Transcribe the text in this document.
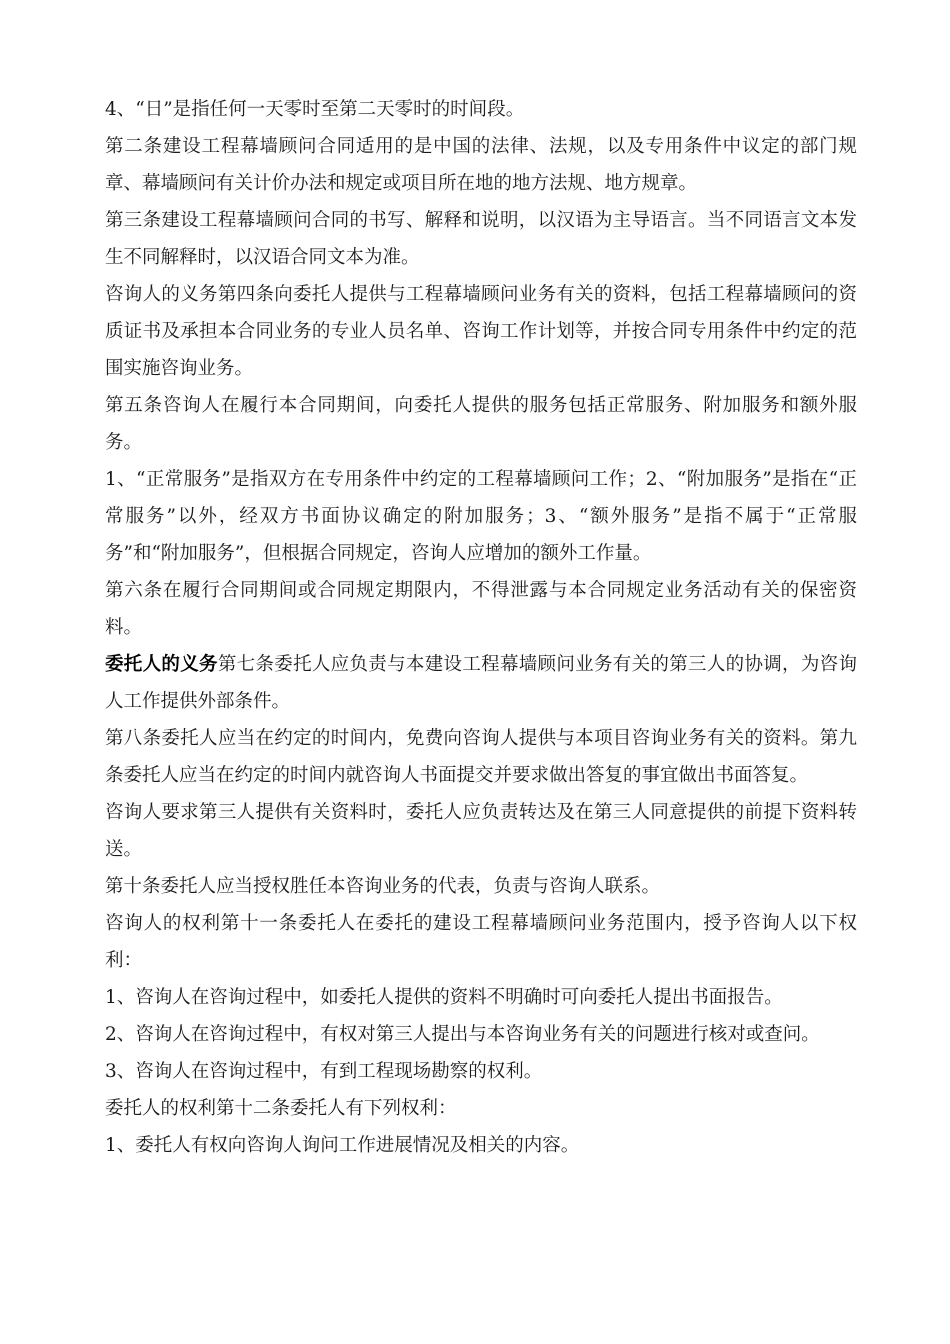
4、“日”是指任何一天零时至第二天零时的时间段。

第二条建设工程幕墙顾问合同适用的是中国的法律、法规，以及专用条件中议定的部门规章、幕墙顾问有关计价办法和规定或项目所在地的地方法规、地方规章。

第三条建设工程幕墙顾问合同的书写、解释和说明，以汉语为主导语言。当不同语言文本发生不同解释时，以汉语合同文本为准。

咨询人的义务第四条向委托人提供与工程幕墙顾问业务有关的资料，包括工程幕墙顾问的资质证书及承担本合同业务的专业人员名单、咨询工作计划等，并按合同专用条件中约定的范围实施咨询业务。

第五条咨询人在履行本合同期间，向委托人提供的服务包括正常服务、附加服务和额外服务。

1、“正常服务”是指双方在专用条件中约定的工程幕墙顾问工作；2、“附加服务”是指在“正常服务”以外，经双方书面协议确定的附加服务；3、“额外服务”是指不属于“正常服务”和“附加服务”，但根据合同规定，咨询人应增加的额外工作量。

第六条在履行合同期间或合同规定期限内，不得泄露与本合同规定业务活动有关的保密资料。

委托人的义务第七条委托人应负责与本建设工程幕墙顾问业务有关的第三人的协调，为咨询人工作提供外部条件。

第八条委托人应当在约定的时间内，免费向咨询人提供与本项目咨询业务有关的资料。第九条委托人应当在约定的时间内就咨询人书面提交并要求做出答复的事宜做出书面答复。

咨询人要求第三人提供有关资料时，委托人应负责转达及在第三人同意提供的前提下资料转送。

第十条委托人应当授权胜任本咨询业务的代表，负责与咨询人联系。

咨询人的权利第十一条委托人在委托的建设工程幕墙顾问业务范围内，授予咨询人以下权利：

1、咨询人在咨询过程中，如委托人提供的资料不明确时可向委托人提出书面报告。

2、咨询人在咨询过程中，有权对第三人提出与本咨询业务有关的问题进行核对或查问。

3、咨询人在咨询过程中，有到工程现场勘察的权利。

委托人的权利第十二条委托人有下列权利：

1、委托人有权向咨询人询问工作进展情况及相关的内容。
